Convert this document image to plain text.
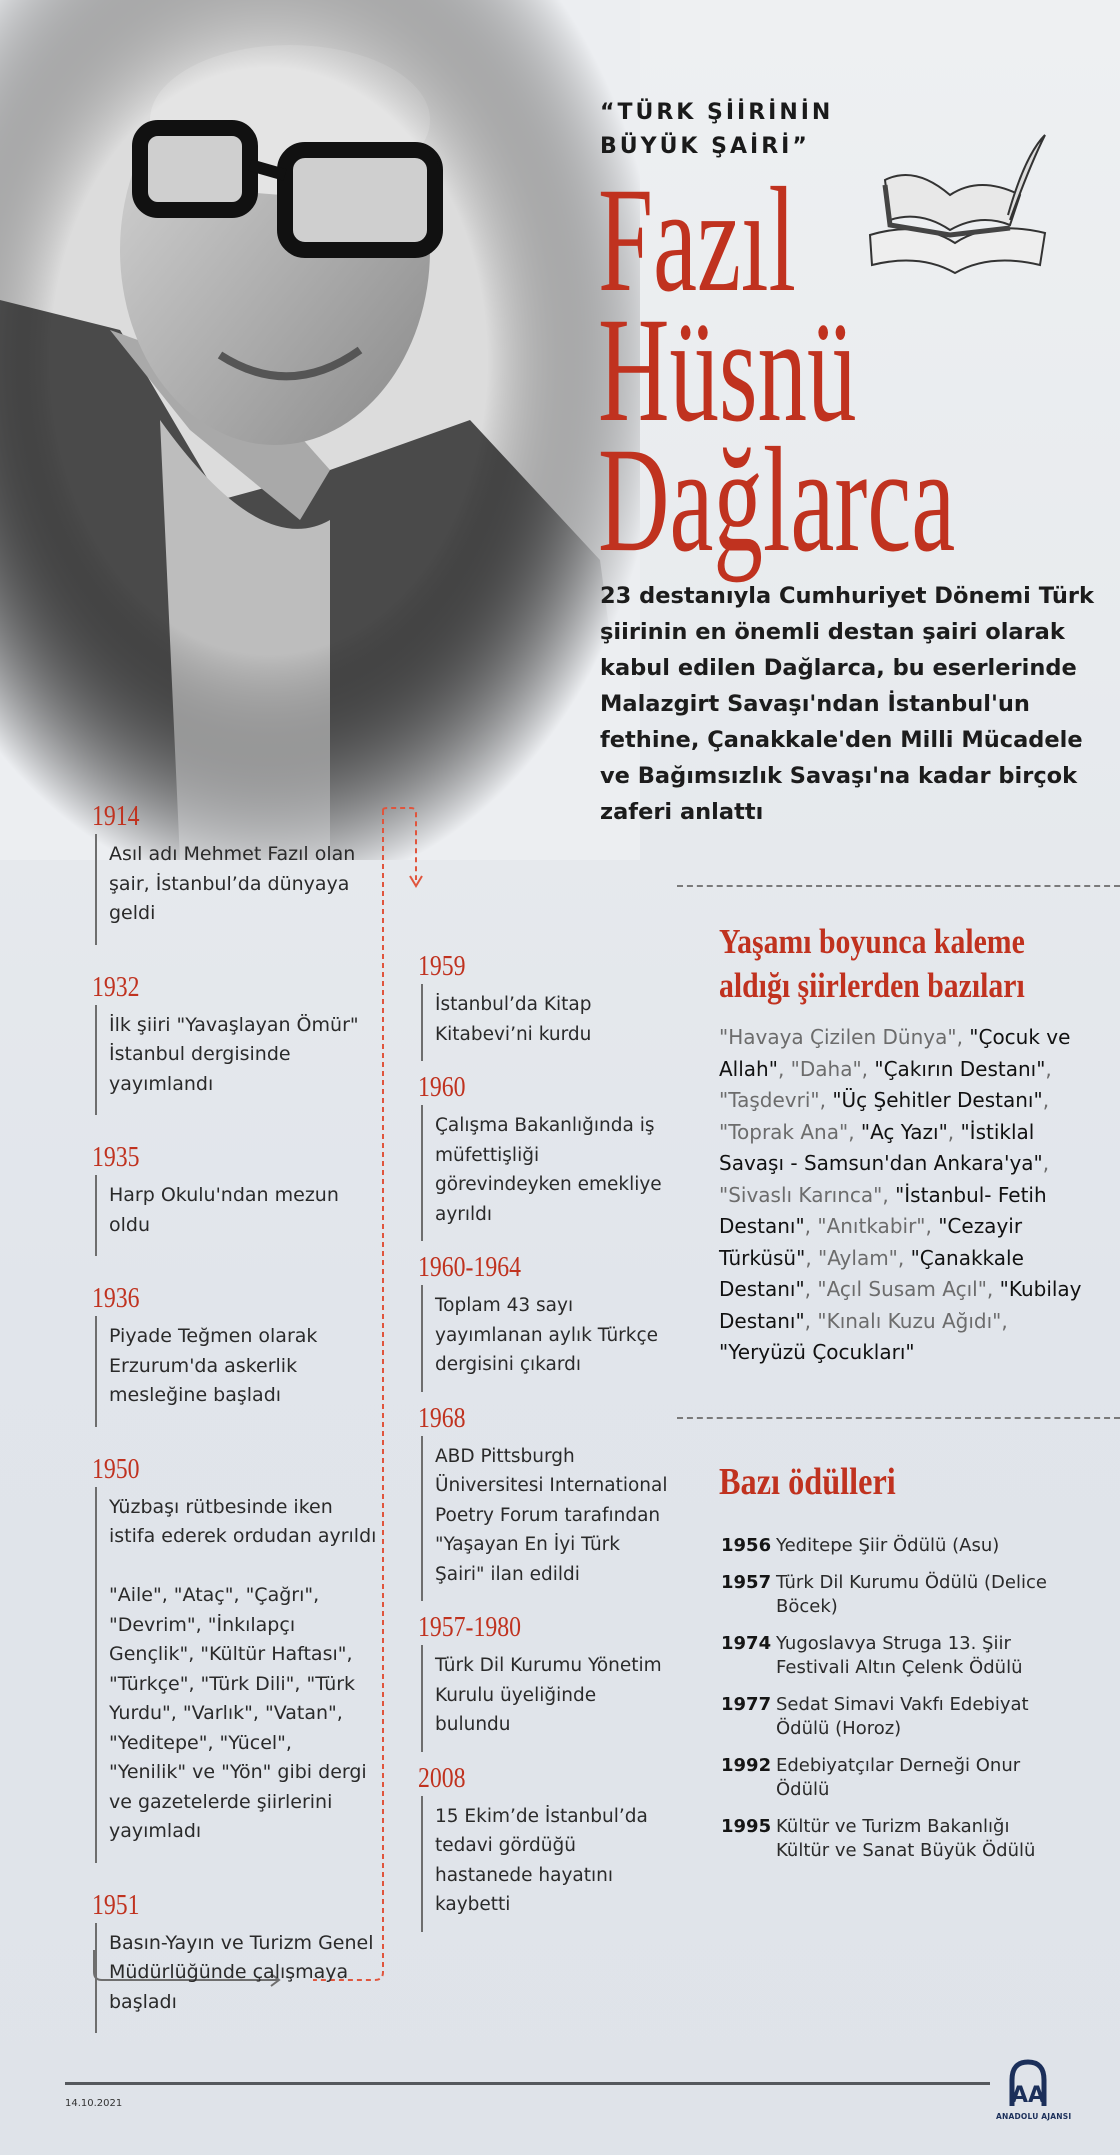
“TÜRK ŞİİRİNİN
BÜYÜK ŞAİRİ”
Fazıl
Hüsnü
Dağlarca
23 destanıyla Cumhuriyet Dönemi Türk şiirinin en önemli destan şairi olarak kabul edilen Dağlarca, bu eserlerinde Malazgirt Savaşı'ndan İstanbul'un fethine, Çanakkale'den Milli Mücadele ve Bağımsızlık Savaşı'na kadar birçok zaferi anlattı
1914
Asıl adı Mehmet Fazıl olan
şair, İstanbul’da dünyaya
geldi
1932
İlk şiiri "Yavaşlayan Ömür"
İstanbul dergisinde
yayımlandı
1935
Harp Okulu'ndan mezun
oldu
1936
Piyade Teğmen olarak
Erzurum'da askerlik
mesleğine başladı
1950
Yüzbaşı rütbesinde iken
istifa ederek ordudan ayrıldı

"Aile", "Ataç", "Çağrı",
"Devrim", "İnkılapçı
Gençlik", "Kültür Haftası",
"Türkçe", "Türk Dili", "Türk
Yurdu", "Varlık", "Vatan",
"Yeditepe", "Yücel",
"Yenilik" ve "Yön" gibi dergi
ve gazetelerde şiirlerini
yayımladı
1951
Basın-Yayın ve Turizm Genel
Müdürlüğünde çalışmaya
başladı
1959
İstanbul’da Kitap
Kitabevi’ni kurdu
1960
Çalışma Bakanlığında iş
müfettişliği
görevindeyken emekliye
ayrıldı
1960-1964
Toplam 43 sayı
yayımlanan aylık Türkçe
dergisini çıkardı
1968
ABD Pittsburgh
Üniversitesi International
Poetry Forum tarafından
"Yaşayan En İyi Türk
Şairi" ilan edildi
1957-1980
Türk Dil Kurumu Yönetim
Kurulu üyeliğinde
bulundu
2008
15 Ekim’de İstanbul’da
tedavi gördüğü
hastanede hayatını
kaybetti
Yaşamı boyunca kaleme
aldığı şiirlerden bazıları
"Havaya Çizilen Dünya", "Çocuk ve Allah", "Daha", "Çakırın Destanı", "Taşdevri", "Üç Şehitler Destanı", "Toprak Ana", "Aç Yazı", "İstiklal Savaşı - Samsun'dan Ankara'ya", "Sivaslı Karınca", "İstanbul- Fetih Destanı", "Anıtkabir", "Cezayir Türküsü", "Aylam", "Çanakkale Destanı", "Açıl Susam Açıl", "Kubilay Destanı", "Kınalı Kuzu Ağıdı", "Yeryüzü Çocukları"
Bazı ödülleri
1956 Yeditepe Şiir Ödülü (Asu)
1957 Türk Dil Kurumu Ödülü (Delice Böcek)
1974 Yugoslavya Struga 13. Şiir Festivali Altın Çelenk Ödülü
1977 Sedat Simavi Vakfı Edebiyat Ödülü (Horoz)
1992 Edebiyatçılar Derneği Onur Ödülü
1995 Kültür ve Turizm Bakanlığı Kültür ve Sanat Büyük Ödülü
14.10.2021	AA
ANADOLU AJANSI
